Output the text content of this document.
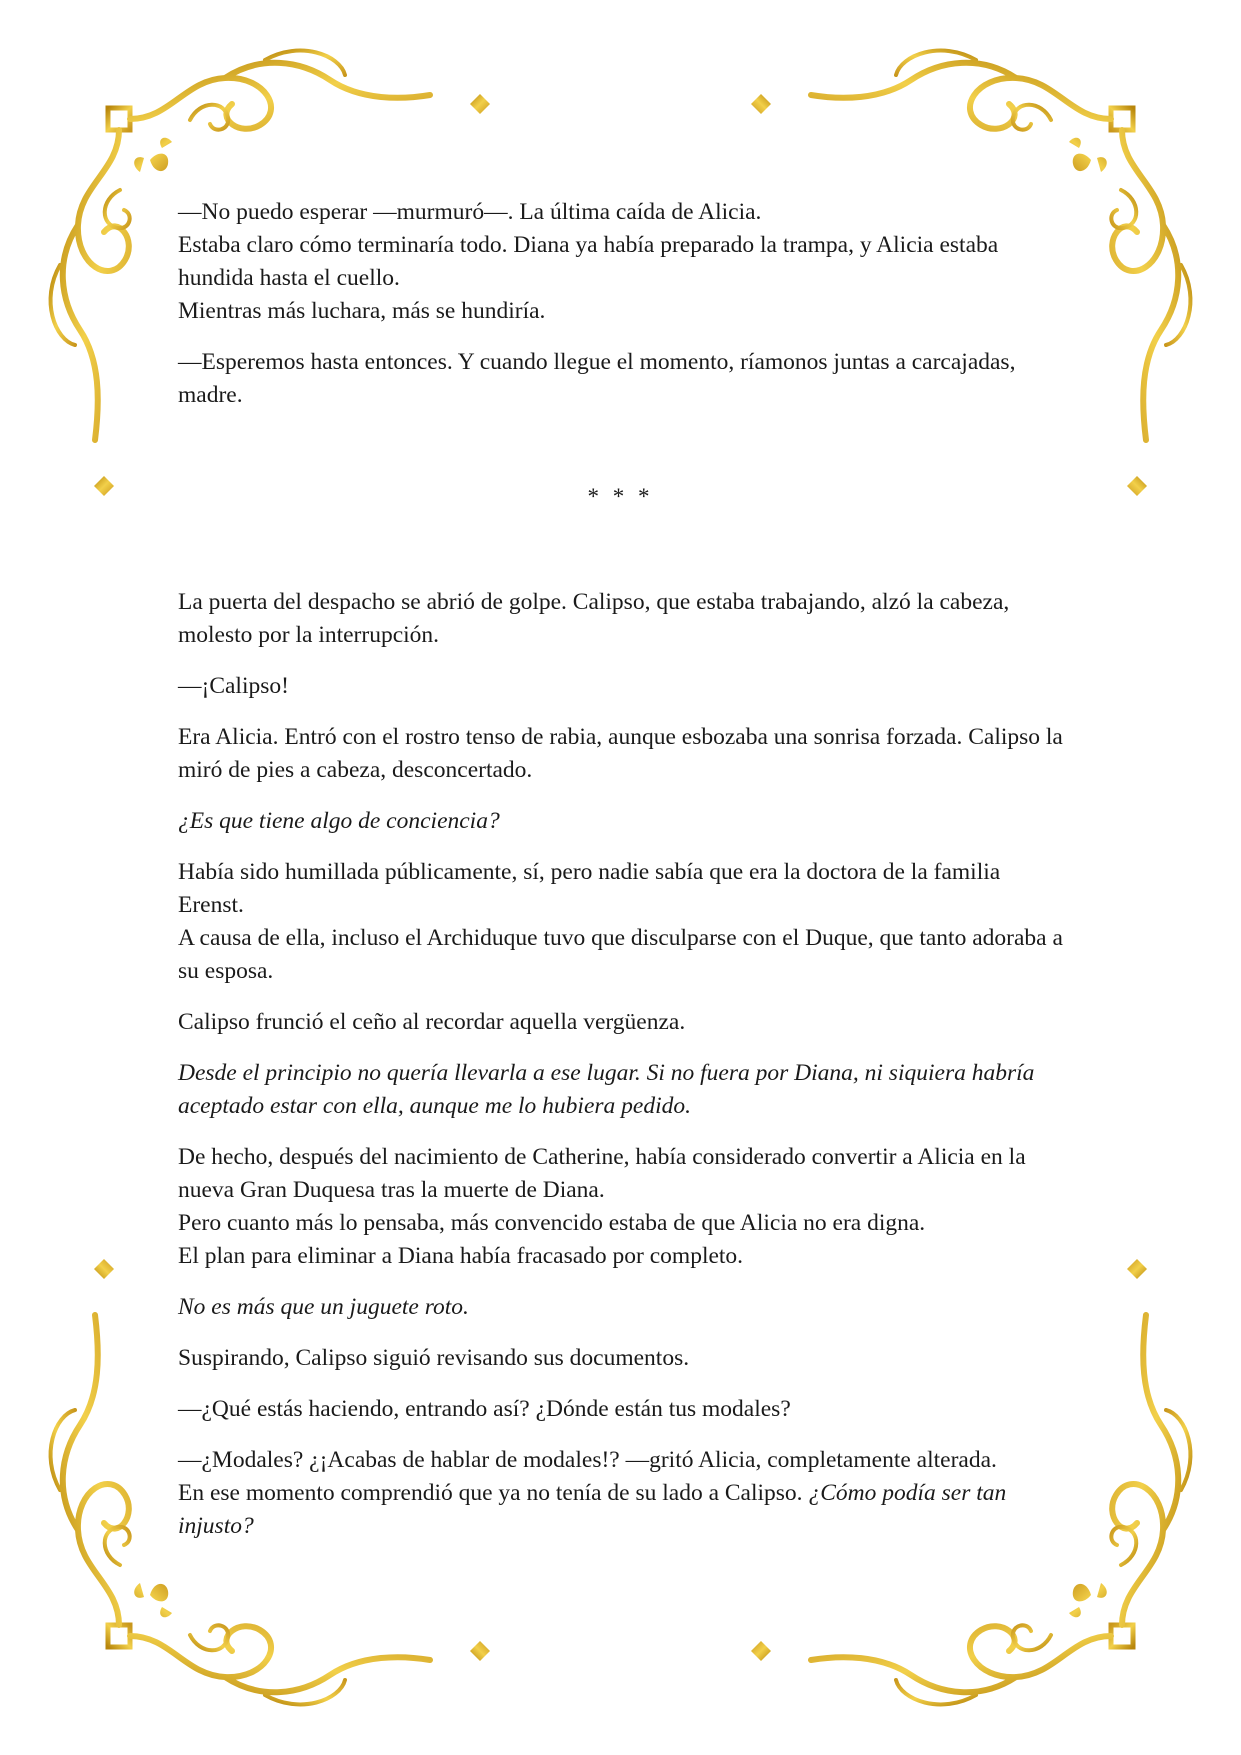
—No puedo esperar —murmuró—. La última caída de Alicia.
Estaba claro cómo terminaría todo. Diana ya había preparado la trampa, y Alicia estaba hundida hasta el cuello.
Mientras más luchara, más se hundiría.

—Esperemos hasta entonces. Y cuando llegue el momento, ríamonos juntas a carcajadas, madre.

* * *

La puerta del despacho se abrió de golpe. Calipso, que estaba trabajando, alzó la cabeza, molesto por la interrupción.

—¡Calipso!

Era Alicia. Entró con el rostro tenso de rabia, aunque esbozaba una sonrisa forzada. Calipso la miró de pies a cabeza, desconcertado.

¿Es que tiene algo de conciencia?

Había sido humillada públicamente, sí, pero nadie sabía que era la doctora de la familia Erenst.
A causa de ella, incluso el Archiduque tuvo que disculparse con el Duque, que tanto adoraba a su esposa.

Calipso frunció el ceño al recordar aquella vergüenza.

Desde el principio no quería llevarla a ese lugar. Si no fuera por Diana, ni siquiera habría aceptado estar con ella, aunque me lo hubiera pedido.

De hecho, después del nacimiento de Catherine, había considerado convertir a Alicia en la nueva Gran Duquesa tras la muerte de Diana.
Pero cuanto más lo pensaba, más convencido estaba de que Alicia no era digna.
El plan para eliminar a Diana había fracasado por completo.

No es más que un juguete roto.

Suspirando, Calipso siguió revisando sus documentos.

—¿Qué estás haciendo, entrando así? ¿Dónde están tus modales?

—¿Modales? ¿¡Acabas de hablar de modales!? —gritó Alicia, completamente alterada.
En ese momento comprendió que ya no tenía de su lado a Calipso. ¿Cómo podía ser tan injusto?
